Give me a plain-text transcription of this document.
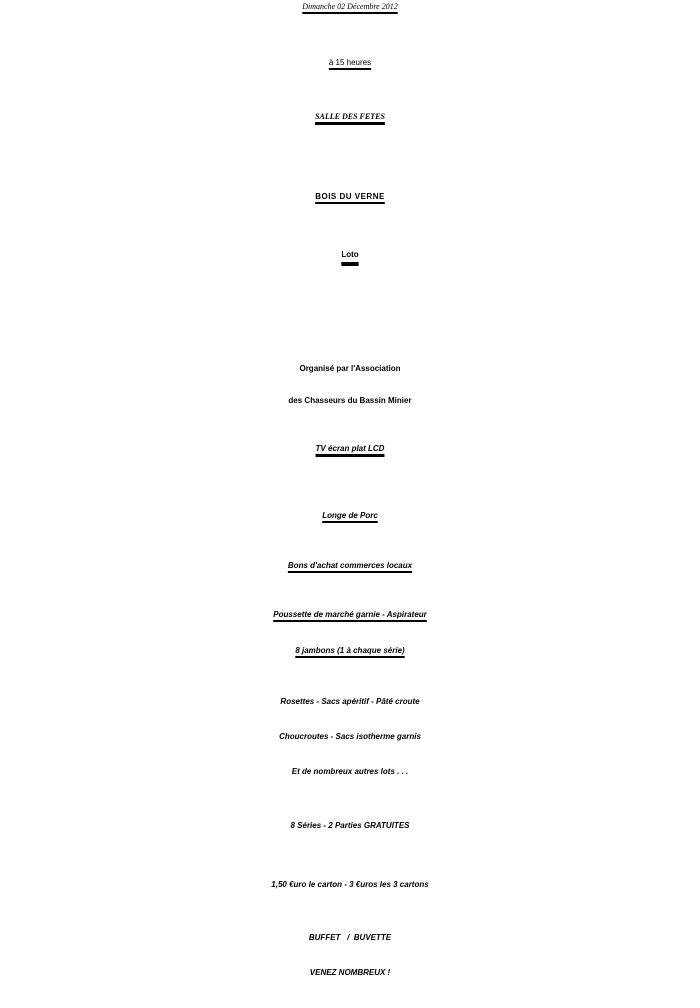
Dimanche 02 Décembre 2012
à 15 heures
SALLE DES FETES
BOIS DU VERNE
Loto
Organisé par l'Association
des Chasseurs du Bassin Minier
TV écran plat LCD
Longe de Porc
Bons d'achat commerces locaux
Poussette de marché garnie - Aspirateur
8 jambons (1 à chaque série)
Rosettes - Sacs apéritif - Pâté croute
Choucroutes - Sacs isotherme garnis
Et de nombreux autres lots . . .
8 Séries - 2 Parties GRATUITES
1,50 €uro le carton - 3 €uros les 3 cartons
BUFFET   /  BUVETTE
VENEZ NOMBREUX !
